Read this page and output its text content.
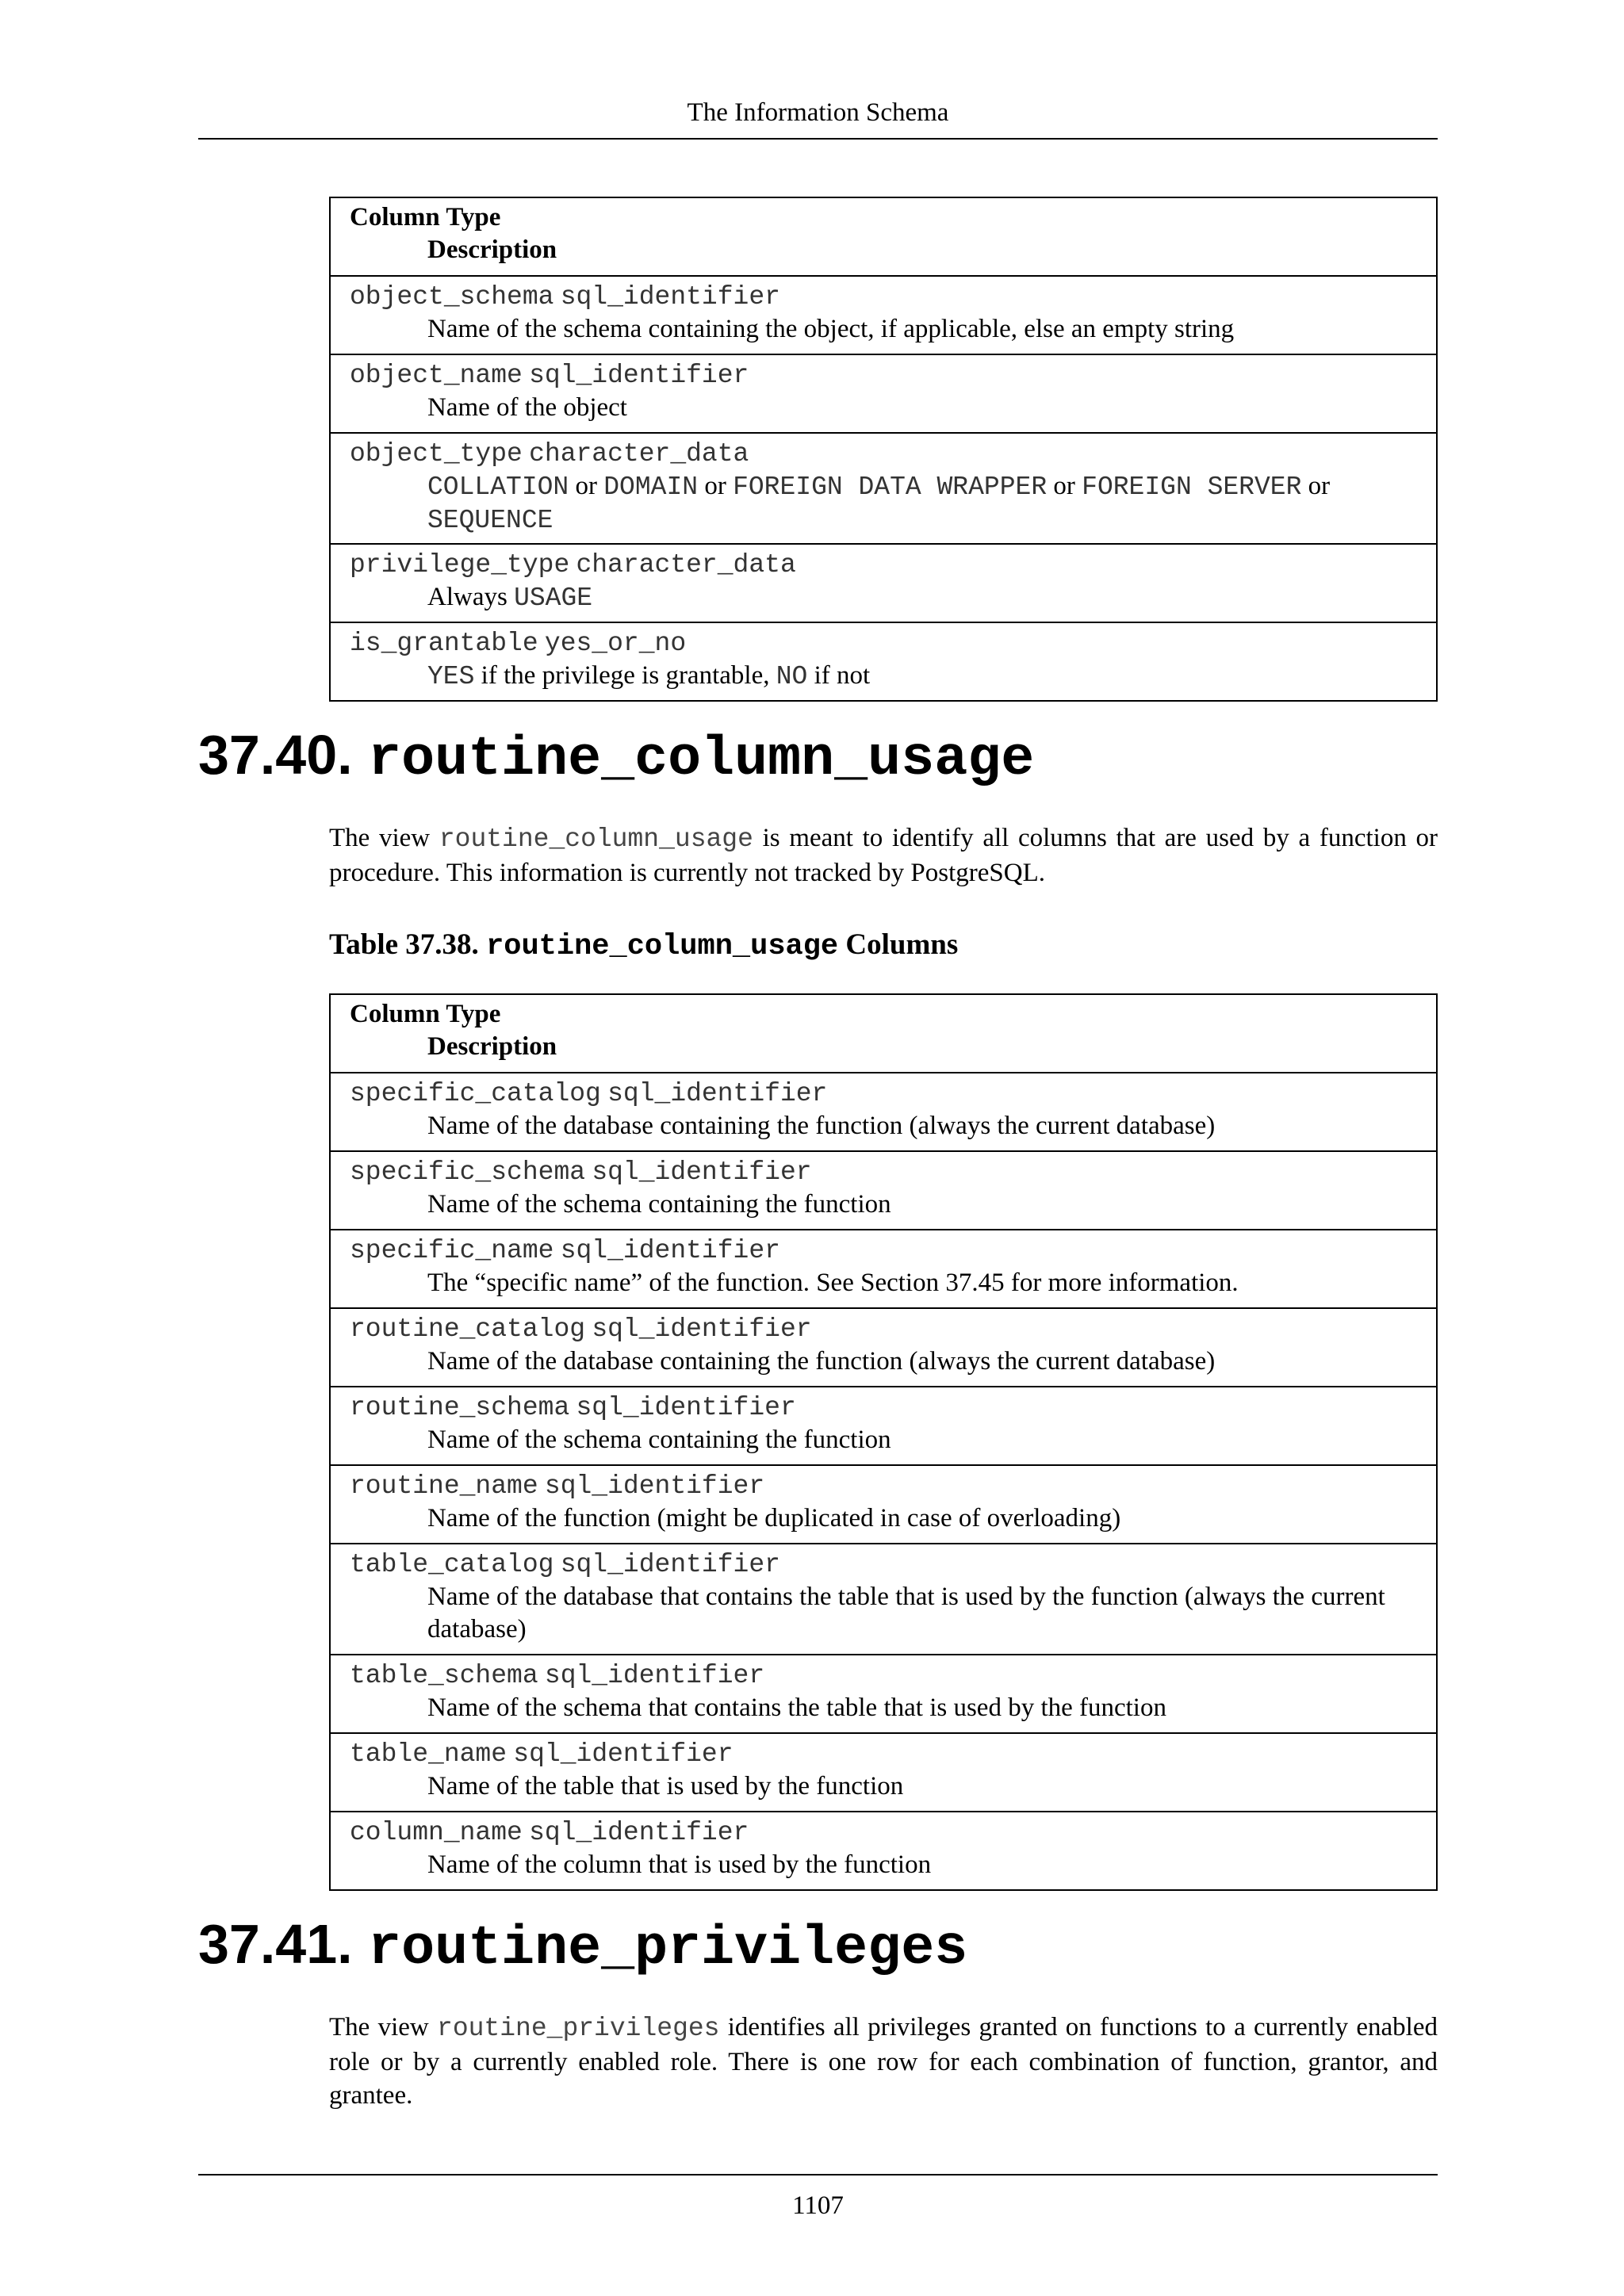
The Information Schema
Column Type
Description

object_schema sql_identifier
Name of the schema containing the object, if applicable, else an empty string

object_name sql_identifier
Name of the object

object_type character_data
COLLATION or DOMAIN or FOREIGN DATA WRAPPER or FOREIGN SERVER or
SEQUENCE

privilege_type character_data
Always USAGE

is_grantable yes_or_no
YES if the privilege is grantable, NO if not
37.40. routine_column_usage

The view routine_column_usage is meant to identify all columns that are used by a function or procedure. This information is currently not tracked by PostgreSQL.

Table 37.38. routine_column_usage Columns

Column Type
Description

specific_catalog sql_identifier
Name of the database containing the function (always the current database)

specific_schema sql_identifier
Name of the schema containing the function

specific_name sql_identifier
The “specific name” of the function. See Section 37.45 for more information.

routine_catalog sql_identifier
Name of the database containing the function (always the current database)

routine_schema sql_identifier
Name of the schema containing the function

routine_name sql_identifier
Name of the function (might be duplicated in case of overloading)

table_catalog sql_identifier
Name of the database that contains the table that is used by the function (always the current database)

table_schema sql_identifier
Name of the schema that contains the table that is used by the function

table_name sql_identifier
Name of the table that is used by the function

column_name sql_identifier
Name of the column that is used by the function
37.41. routine_privileges

The view routine_privileges identifies all privileges granted on functions to a currently enabled role or by a currently enabled role. There is one row for each combination of function, grantor, and grantee.

1107
